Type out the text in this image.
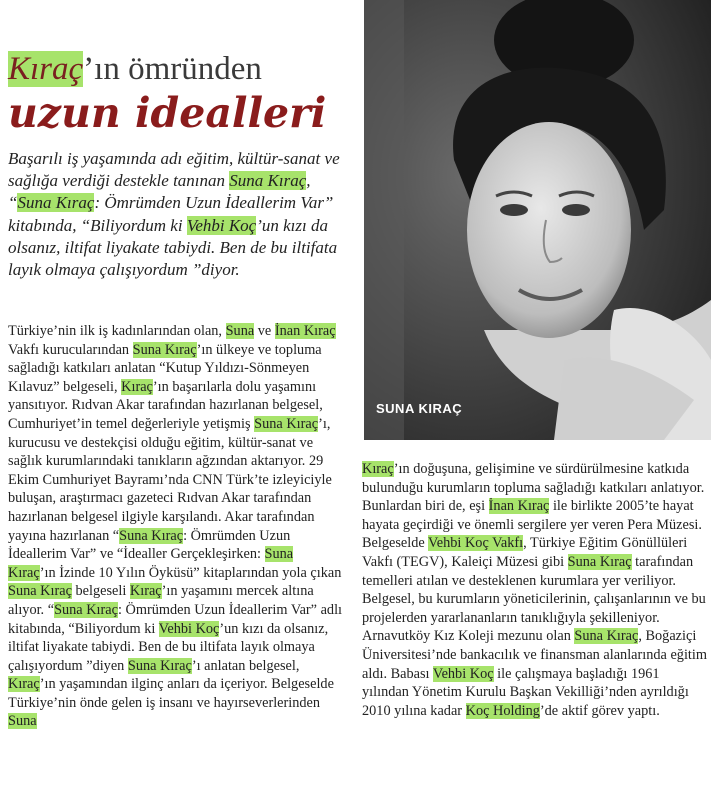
Kıraç’ın ömründen
uzun idealleri
Başarılı iş yaşamında adı eğitim, kültür-sanat ve sağlığa verdiği destekle tanınan Suna Kıraç, “Suna Kıraç: Ömrümden Uzun İdeallerim Var” kitabında, “Biliyordum ki Vehbi Koç’un kızı da olsanız, iltifat liyakate tabiydi. Ben de bu iltifata layık olmaya çalışıyordum ”diyor.
Türkiye’nin ilk iş kadınlarından olan, Suna ve İnan Kıraç Vakfı kurucularından Suna Kıraç’ın ülkeye ve topluma sağladığı katkıları anlatan “Kutup Yıldızı-Sönmeyen Kılavuz” belgeseli, Kıraç’ın başarılarla dolu yaşamını yansıtıyor. Rıdvan Akar tarafından hazırlanan belgesel, Cumhuriyet’in temel değerleriyle yetişmiş Suna Kıraç’ı, kurucusu ve destekçisi olduğu eğitim, kültür-sanat ve sağlık kurumlarındaki tanıkların ağzından aktarıyor. 29 Ekim Cumhuriyet Bayramı’nda CNN Türk’te izleyiciyle buluşan, araştırmacı gazeteci Rıdvan Akar tarafından hazırlanan belgesel ilgiyle karşılandı. Akar tarafından yayına hazırlanan “Suna Kıraç: Ömrümden Uzun İdeallerim Var” ve “İdealler Gerçekleşirken: Suna Kıraç’ın İzinde 10 Yılın Öyküsü” kitaplarından yola çıkan Suna Kıraç belgeseli Kıraç’ın yaşamını mercek altına alıyor. “Suna Kıraç: Ömrümden Uzun İdeallerim Var” adlı kitabında, “Biliyordum ki Vehbi Koç’un kızı da olsanız, iltifat liyakate tabiydi. Ben de bu iltifata layık olmaya çalışıyordum ”diyen Suna Kıraç’ı anlatan belgesel, Kıraç’ın yaşamından ilginç anları da içeriyor. Belgeselde Türkiye’nin önde gelen iş insanı ve hayırseverlerinden Suna
SUNA KIRAÇ
Kıraç’ın doğuşuna, gelişimine ve sürdürülmesine katkıda bulunduğu kurumların topluma sağladığı katkıları anlatıyor. Bunlardan biri de, eşi İnan Kıraç ile birlikte 2005’te hayat hayata geçirdiği ve önemli sergilere yer veren Pera Müzesi. Belgeselde Vehbi Koç Vakfı, Türkiye Eğitim Gönüllüleri Vakfı (TEGV), Kaleiçi Müzesi gibi Suna Kıraç tarafından temelleri atılan ve desteklenen kurumlara yer veriliyor. Belgesel, bu kurumların yöneticilerinin, çalışanlarının ve bu projelerden yararlananların tanıklığıyla şekilleniyor. Arnavutköy Kız Koleji mezunu olan Suna Kıraç, Boğaziçi Üniversitesi’nde bankacılık ve finansman alanlarında eğitim aldı. Babası Vehbi Koç ile çalışmaya başladığı 1961 yılından Yönetim Kurulu Başkan Vekilliği’nden ayrıldığı 2010 yılına kadar Koç Holding’de aktif görev yaptı.
